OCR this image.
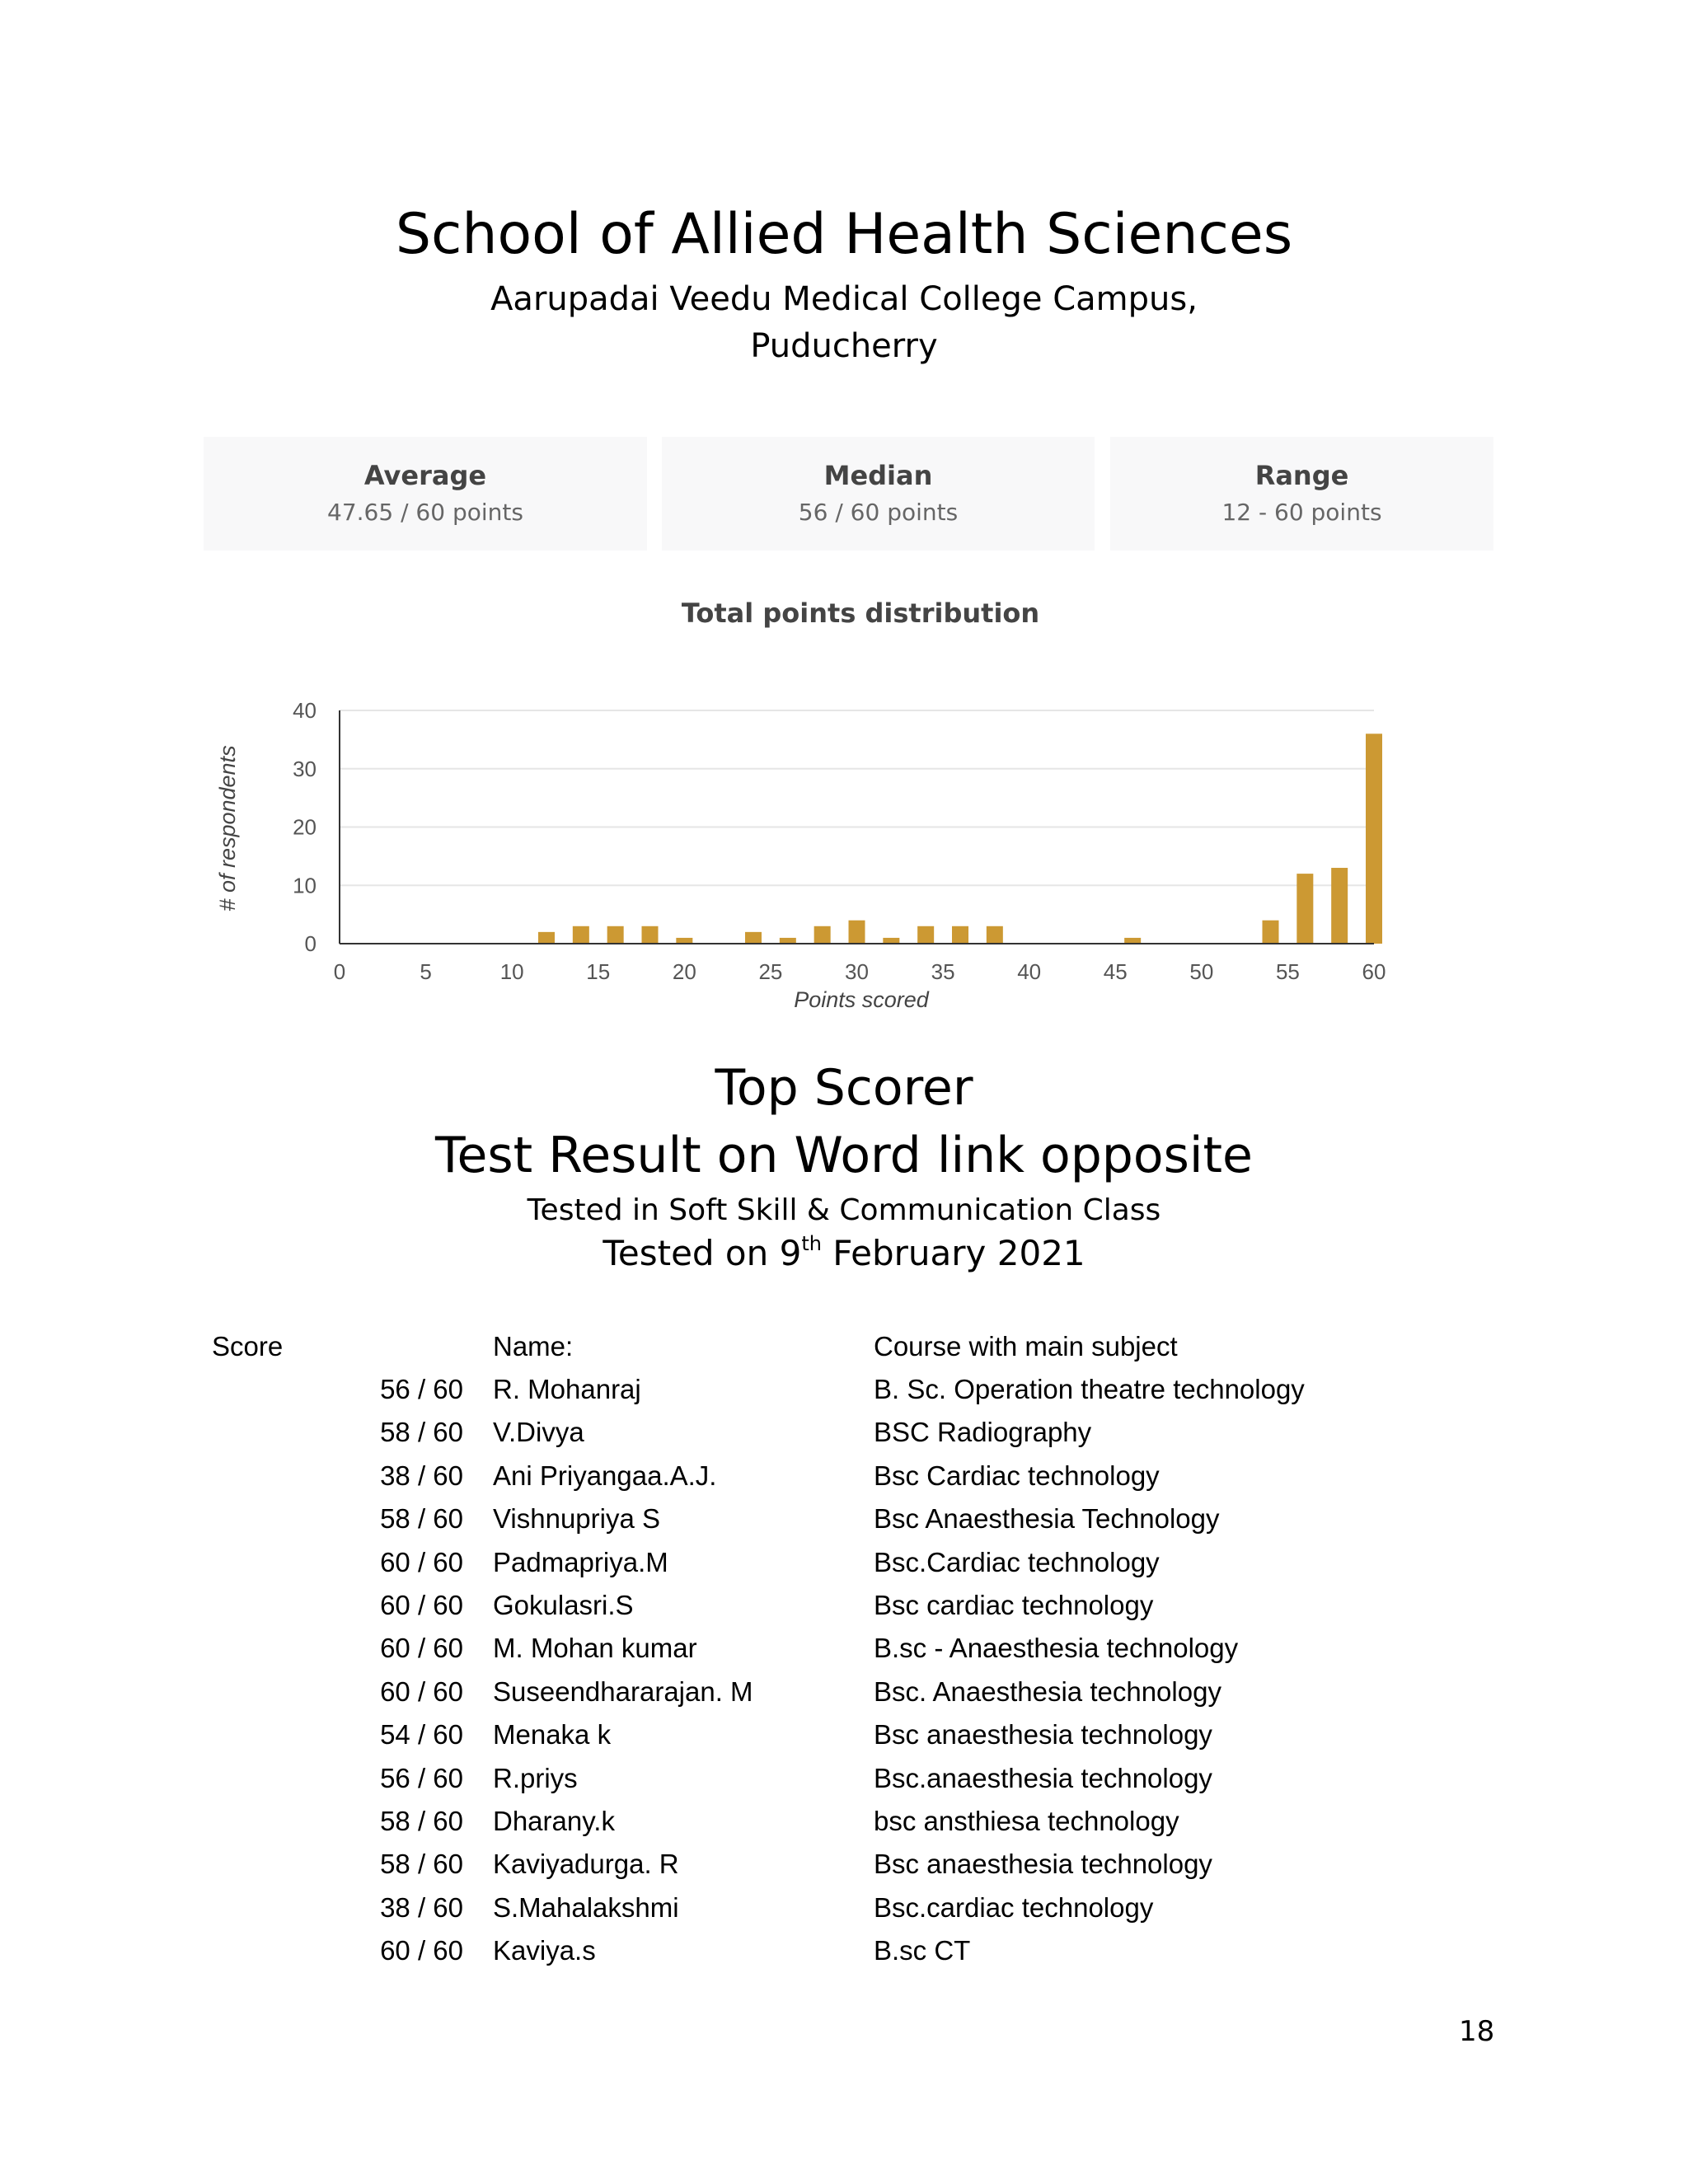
School of Allied Health Sciences
Aarupadai Veedu Medical College Campus,
Puducherry
Average
47.65 / 60 points
Median
56 / 60 points
Range
12 - 60 points
Total points distribution
0
10
20
30
40
0	5	10	15	20	25	30	35	40	45	50	55	60
Points scored
# of respondents
Top Scorer
Test Result on Word link opposite
Tested in Soft Skill & Communication Class
Tested on 9th February 2021
Score	Name:	Course with main subject
56 / 60 R. Mohanraj	B. Sc. Operation theatre technology
58 / 60 V.Divya	BSC Radiography
38 / 60 Ani Priyangaa.A.J.	Bsc Cardiac technology
58 / 60 Vishnupriya S	Bsc Anaesthesia Technology
60 / 60 Padmapriya.M	Bsc.Cardiac technology
60 / 60 Gokulasri.S	Bsc cardiac technology
60 / 60 M. Mohan kumar	B.sc - Anaesthesia technology
60 / 60 Suseendhararajan. M	Bsc. Anaesthesia technology
54 / 60 Menaka k	Bsc anaesthesia technology
56 / 60 R.priys	Bsc.anaesthesia technology
58 / 60 Dharany.k	bsc ansthiesa technology
58 / 60 Kaviyadurga. R	Bsc anaesthesia technology
38 / 60 S.Mahalakshmi	Bsc.cardiac technology
60 / 60 Kaviya.s	B.sc CT
18
